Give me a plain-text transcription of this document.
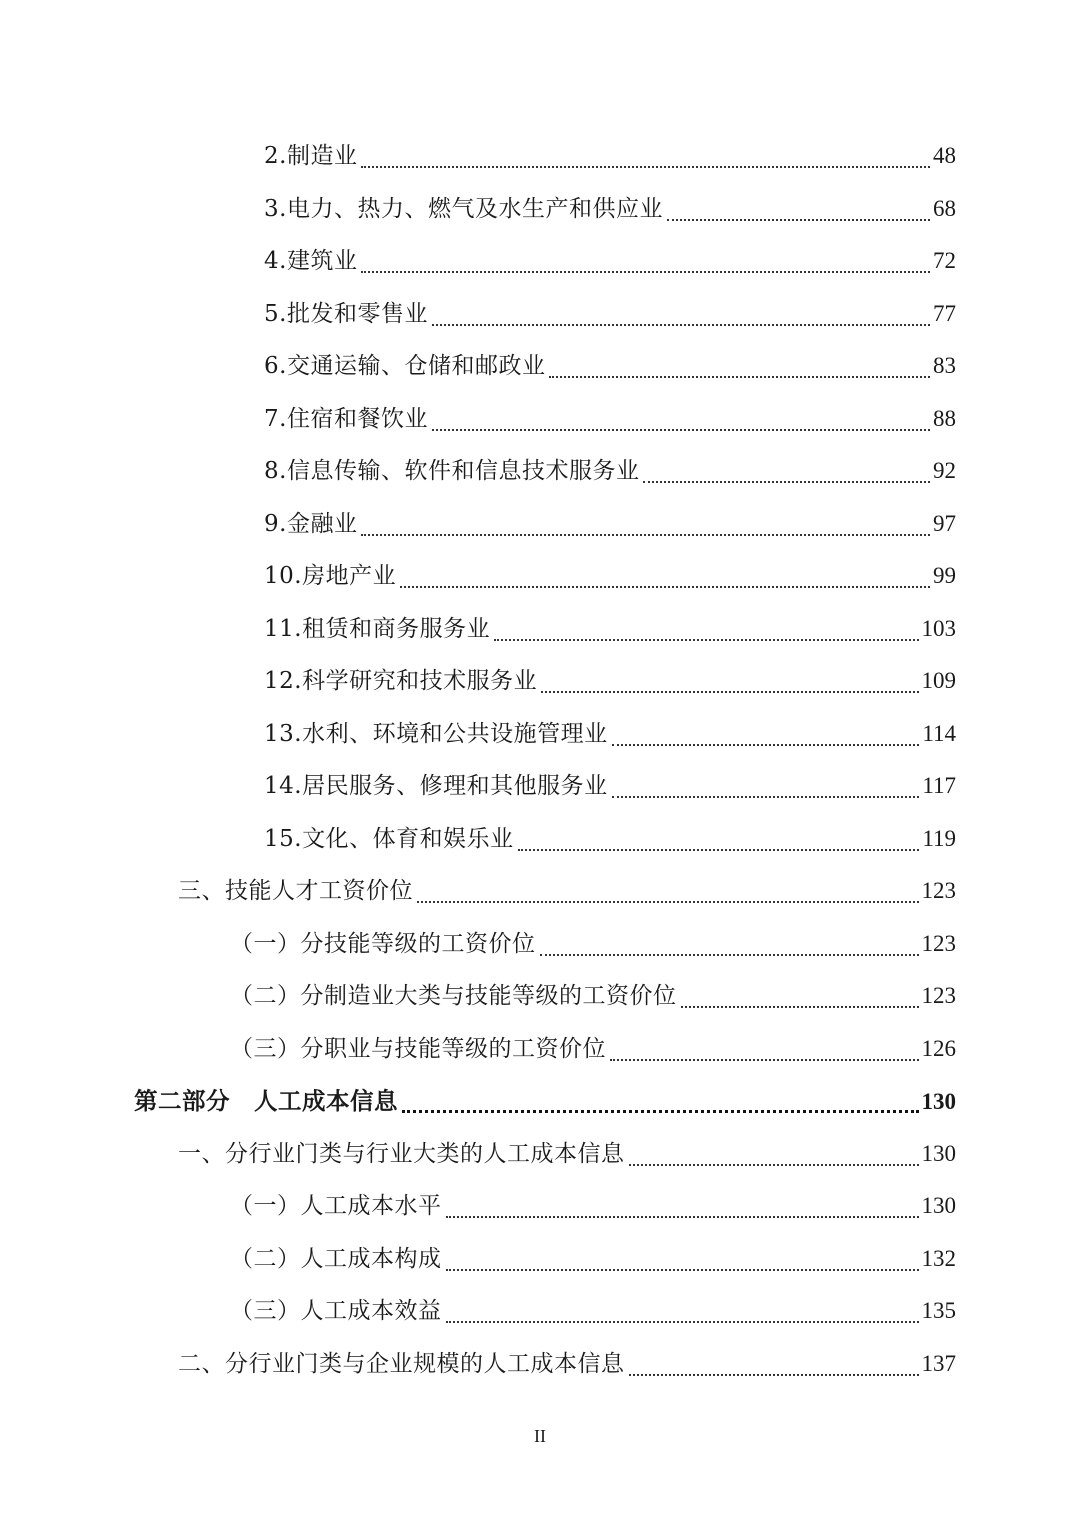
2.制造业	48
3.电力、热力、燃气及水生产和供应业	68
4.建筑业	72
5.批发和零售业	77
6.交通运输、仓储和邮政业	83
7.住宿和餐饮业	88
8.信息传输、软件和信息技术服务业	92
9.金融业	97
10.房地产业	99
11.租赁和商务服务业	103
12.科学研究和技术服务业	109
13.水利、环境和公共设施管理业	114
14.居民服务、修理和其他服务业	117
15.文化、体育和娱乐业	119
三、技能人才工资价位	123
（一）分技能等级的工资价位	123
（二）分制造业大类与技能等级的工资价位	123
（三）分职业与技能等级的工资价位	126
第二部分　人工成本信息	130
一、分行业门类与行业大类的人工成本信息	130
（一）人工成本水平	130
（二）人工成本构成	132
（三）人工成本效益	135
二、分行业门类与企业规模的人工成本信息	137
II
